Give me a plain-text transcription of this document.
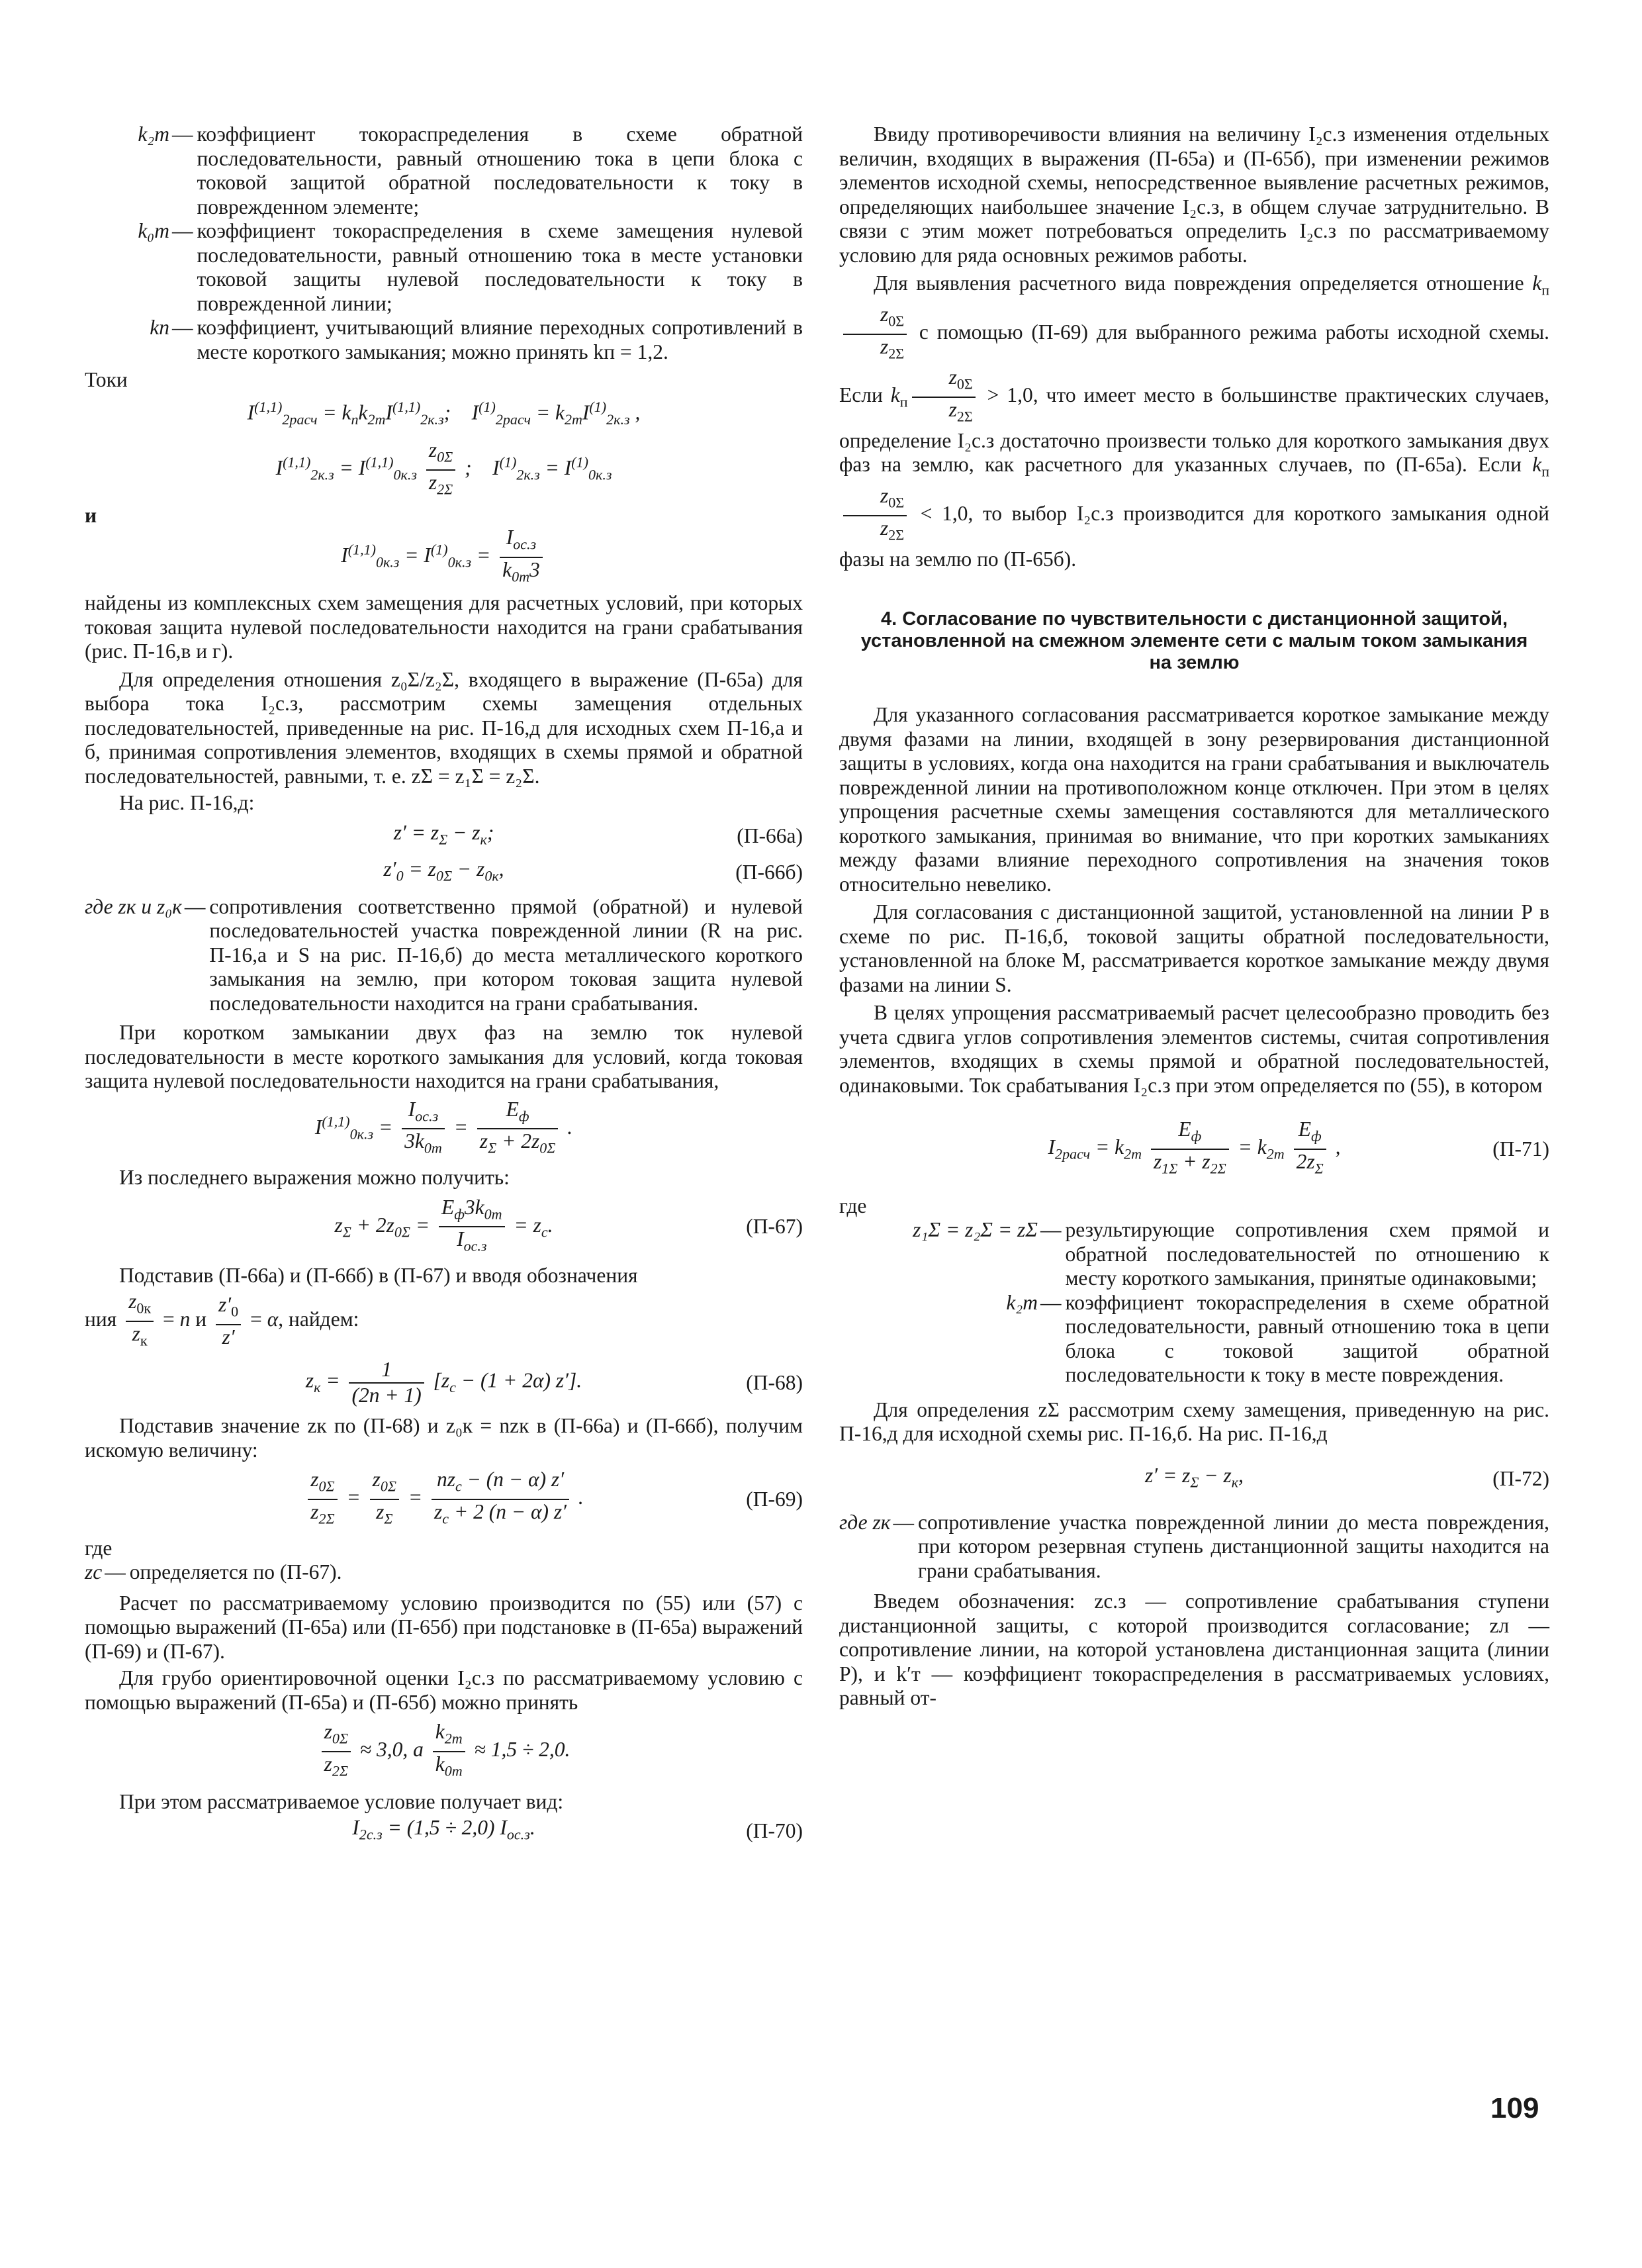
k₂т — коэффициент токораспределения в схеме обратной последовательности, равный отношению тока в цепи блока с токовой защитой обратной последовательности к току в поврежденном элементе;
k₀т — коэффициент токораспределения в схеме замещения нулевой последовательности, равный отношению тока в месте установки токовой защиты нулевой последовательности к току в поврежденной линии;
kп — коэффициент, учитывающий влияние переходных сопротивлений в месте короткого замыкания; можно принять kп = 1,2.

Токи

$I^{(1,1)}_{2расч} = k_пk_{2т}I^{(1,1)}_{2к.з}$;    $I^{(1)}_{2расч} = k_{2т}I^{(1)}_{2к.з}$ ,
$I^{(1,1)}_{2к.з} = I^{(1,1)}_{0к.з} \frac{z_{0\Sigma}}{z_{2\Sigma}}$ ;    $I^{(1)}_{2к.з} = I^{(1)}_{0к.з}$

и

$I^{(1,1)}_{0к.з} = I^{(1)}_{0к.з} = \frac{I_{ос.з}}{k_{0т}3}$

найдены из комплексных схем замещения для расчетных условий, при которых токовая защита нулевой последовательности находится на грани срабатывания (рис. П-16,в и г).

Для определения отношения z₀Σ/z₂Σ, входящего в выражение (П-65а) для выбора тока I₂с.з, рассмотрим схемы замещения отдельных последовательностей, приведенные на рис. П-16,д для исходных схем П-16,а и б, принимая сопротивления элементов, входящих в схемы прямой и обратной последовательностей, равными, т. е. zΣ = z₁Σ = z₂Σ.

На рис. П-16,д:

$z' = z_\Sigma - z_к$;	(П-66а)
$z'_0 = z_{0\Sigma} - z_{0к}$,	(П-66б)
где zк и z₀к — сопротивления соответственно прямой (обратной) и нулевой последовательностей участка поврежденной линии (R на рис. П-16,а и S на рис. П-16,б) до места металлического короткого замыкания на землю, при котором токовая защита нулевой последовательности находится на грани срабатывания.

При коротком замыкании двух фаз на землю ток нулевой последовательности в месте короткого замыкания для условий, когда токовая защита нулевой последовательности находится на грани срабатывания,

$I^{(1,1)}_{0к.з} = \frac{I_{ос.з}}{3k_{0т}} = \frac{E_ф}{z_\Sigma + 2z_{0\Sigma}}$ .

Из последнего выражения можно получить:

$z_\Sigma + 2z_{0\Sigma} = \frac{E_ф3k_{0т}}{I_{ос.з}} = z_с$.	(П-67)

Подставив (П-66а) и (П-66б) в (П-67) и вводя обозначения

ния $\frac{z_{0к}}{z_к} = n$ и $\frac{z'_0}{z'} = \alpha$, найдем:
$z_к = \frac{1}{(2n + 1)} [z_с - (1 + 2\alpha)$ z′].	(П-68)

Подставив значение zк по (П-68) и z₀к = nzк в (П-66а) и (П-66б), получим искомую величину:

$\frac{z_{0\Sigma}}{z_{2\Sigma}} = \frac{z_{0\Sigma}}{z_\Sigma} = \frac{nz_с - (n - \alpha) z'}{z_с + 2 (n - \alpha) z'}$ .	(П-69)

где

zс — определяется по (П-67).

Расчет по рассматриваемому условию производится по (55) или (57) с помощью выражений (П-65а) или (П-65б) при подстановке в (П-65а) выражений (П-69) и (П-67).

Для грубо ориентировочной оценки I₂с.з по рассматриваемому условию с помощью выражений (П-65а) и (П-65б) можно принять

$\frac{z_{0\Sigma}}{z_{2\Sigma}} \approx 3,0$, а $\frac{k_{2т}}{k_{0т}} \approx 1,5 \div 2,0$.

При этом рассматриваемое условие получает вид:

$I_{2с.з} = (1,5 \div 2,0)$ $I_{ос.з}$.	(П-70)

Ввиду противоречивости влияния на величину I₂с.з изменения отдельных величин, входящих в выражения (П-65а) и (П-65б), при изменении режимов элементов исходной схемы, непосредственное выявление расчетных режимов, определяющих наибольшее значение I₂с.з, в общем случае затруднительно. В связи с этим может потребоваться определить I₂с.з по рассматриваемому условию для ряда основных режимов работы.

Для выявления расчетного вида повреждения определяется отношение $k_п$
$\frac{z_{0\Sigma}}{z_{2\Sigma}}$ с помощью (П-69) для выбранного режима работы исходной схемы. Если $k_п \frac{z_{0\Sigma}}{z_{2\Sigma}} > 1,0$, что имеет место в большинстве практических случаев, определение I₂с.з достаточно произвести только для короткого замыкания двух фаз на землю, как расчетного для указанных случаев, по (П-65а). Если $k_п$
$\frac{z_{0\Sigma}}{z_{2\Sigma}} < 1,0$, то выбор I₂с.з производится для короткого замыкания одной фазы на землю по (П-65б).

4. Согласование по чувствительности с дистанционной защитой, установленной на смежном элементе сети с малым током замыкания на землю

Для указанного согласования рассматривается короткое замыкание между двумя фазами на линии, входящей в зону резервирования дистанционной защиты в условиях, когда она находится на грани срабатывания и выключатель поврежденной линии на противоположном конце отключен. При этом в целях упрощения расчетные схемы замещения составляются для металлического короткого замыкания, принимая во внимание, что при коротких замыканиях между фазами влияние переходного сопротивления на значения токов относительно невелико.

Для согласования с дистанционной защитой, установленной на линии P в схеме по рис. П-16,б, токовой защиты обратной последовательности, установленной на блоке M, рассматривается короткое замыкание между двумя фазами на линии S.

В целях упрощения рассматриваемый расчет целесообразно проводить без учета сдвига углов сопротивления элементов системы, считая сопротивления элементов, входящих в схемы прямой и обратной последовательностей, одинаковыми. Ток срабатывания I₂с.з при этом определяется по (55), в котором

$I_{2расч} = k_{2т} \frac{E_ф}{z_{1\Sigma} + z_{2\Sigma}} = k_{2т} \frac{E_ф}{2z_\Sigma}$ ,	(П-71)

где

z₁Σ = z₂Σ = zΣ — результирующие сопротивления схем прямой и обратной последовательностей по отношению к месту короткого замыкания, принятые одинаковыми;
k₂т — коэффициент токораспределения в схеме обратной последовательности, равный отношению тока в цепи блока с токовой защитой обратной последовательности к току в месте повреждения.

Для определения zΣ рассмотрим схему замещения, приведенную на рис. П-16,д для исходной схемы рис. П-16,б. На рис. П-16,д

$z' = z_\Sigma - z_к$,	(П-72)
где zк — сопротивление участка поврежденной линии до места повреждения, при котором резервная ступень дистанционной защиты находится на грани срабатывания.

Введем обозначения: zс.з — сопротивление срабатывания ступени дистанционной защиты, с которой производится согласование; zл — сопротивление линии, на которой установлена дистанционная защита (линии P), и k′т — коэффициент токораспределения в рассматриваемых условиях, равный от-

109
